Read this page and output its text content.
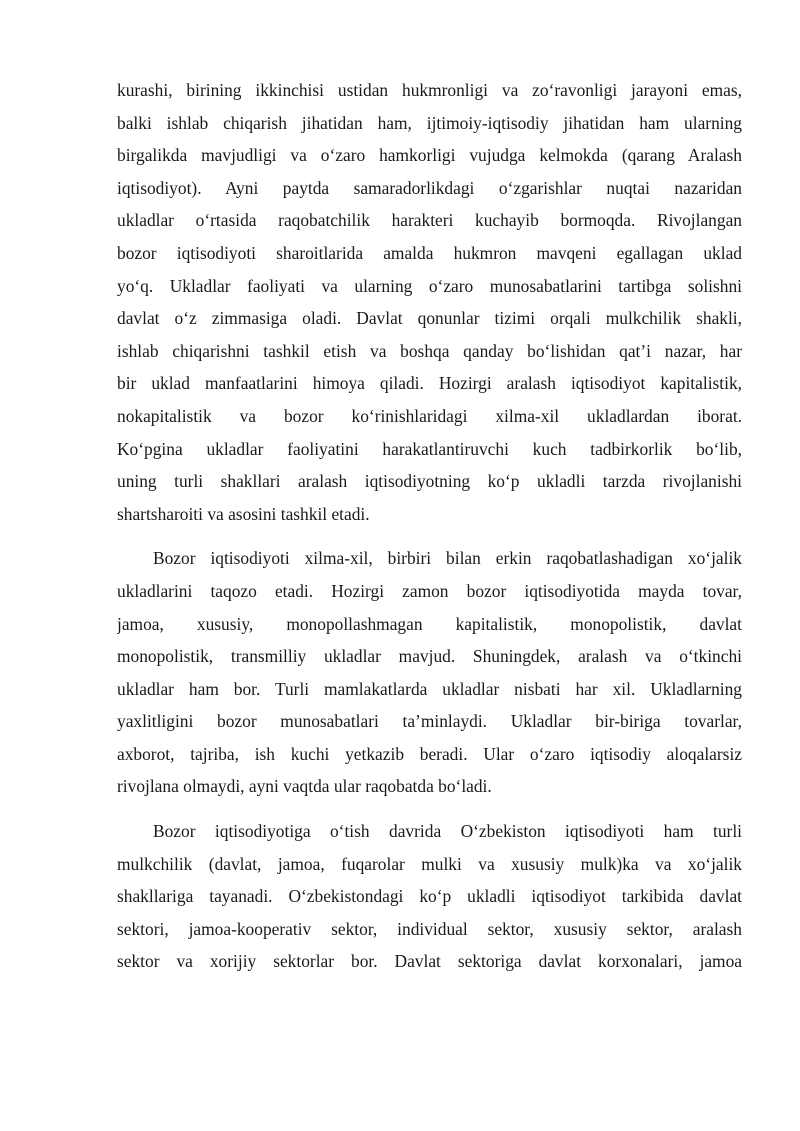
kurashi, birining ikkinchisi ustidan hukmronligi va zo‘ravonligi jarayoni emas,
balki ishlab chiqarish jihatidan ham, ijtimoiy-iqtisodiy jihatidan ham ularning
birgalikda mavjudligi va o‘zaro hamkorligi vujudga kelmokda (qarang Aralash
iqtisodiyot). Ayni paytda samaradorlikdagi o‘zgarishlar nuqtai nazaridan
ukladlar o‘rtasida raqobatchilik harakteri kuchayib bormoqda. Rivojlangan
bozor iqtisodiyoti sharoitlarida amalda hukmron mavqeni egallagan uklad
yo‘q. Ukladlar faoliyati va ularning o‘zaro munosabatlarini tartibga solishni
davlat o‘z zimmasiga oladi. Davlat qonunlar tizimi orqali mulkchilik shakli,
ishlab chiqarishni tashkil etish va boshqa qanday bo‘lishidan qat’i nazar, har
bir uklad manfaatlarini himoya qiladi. Hozirgi aralash iqtisodiyot kapitalistik,
nokapitalistik va bozor ko‘rinishlaridagi xilma-xil ukladlardan iborat.
Ko‘pgina ukladlar faoliyatini harakatlantiruvchi kuch tadbirkorlik bo‘lib,
uning turli shakllari aralash iqtisodiyotning ko‘p ukladli tarzda rivojlanishi
shartsharoiti va asosini tashkil etadi.
Bozor iqtisodiyoti xilma-xil, birbiri bilan erkin raqobatlashadigan xo‘jalik
ukladlarini taqozo etadi. Hozirgi zamon bozor iqtisodiyotida mayda tovar,
jamoa, xususiy, monopollashmagan kapitalistik, monopolistik, davlat
monopolistik, transmilliy ukladlar mavjud. Shuningdek, aralash va o‘tkinchi
ukladlar ham bor. Turli mamlakatlarda ukladlar nisbati har xil. Ukladlarning
yaxlitligini bozor munosabatlari ta’minlaydi. Ukladlar bir-biriga tovarlar,
axborot, tajriba, ish kuchi yetkazib beradi. Ular o‘zaro iqtisodiy aloqalarsiz
rivojlana olmaydi, ayni vaqtda ular raqobatda bo‘ladi.
Bozor iqtisodiyotiga o‘tish davrida O‘zbekiston iqtisodiyoti ham turli
mulkchilik (davlat, jamoa, fuqarolar mulki va xususiy mulk)ka va xo‘jalik
shakllariga tayanadi. O‘zbekistondagi ko‘p ukladli iqtisodiyot tarkibida davlat
sektori, jamoa-kooperativ sektor, individual sektor, xususiy sektor, aralash
sektor va xorijiy sektorlar bor. Davlat sektoriga davlat korxonalari, jamoa
